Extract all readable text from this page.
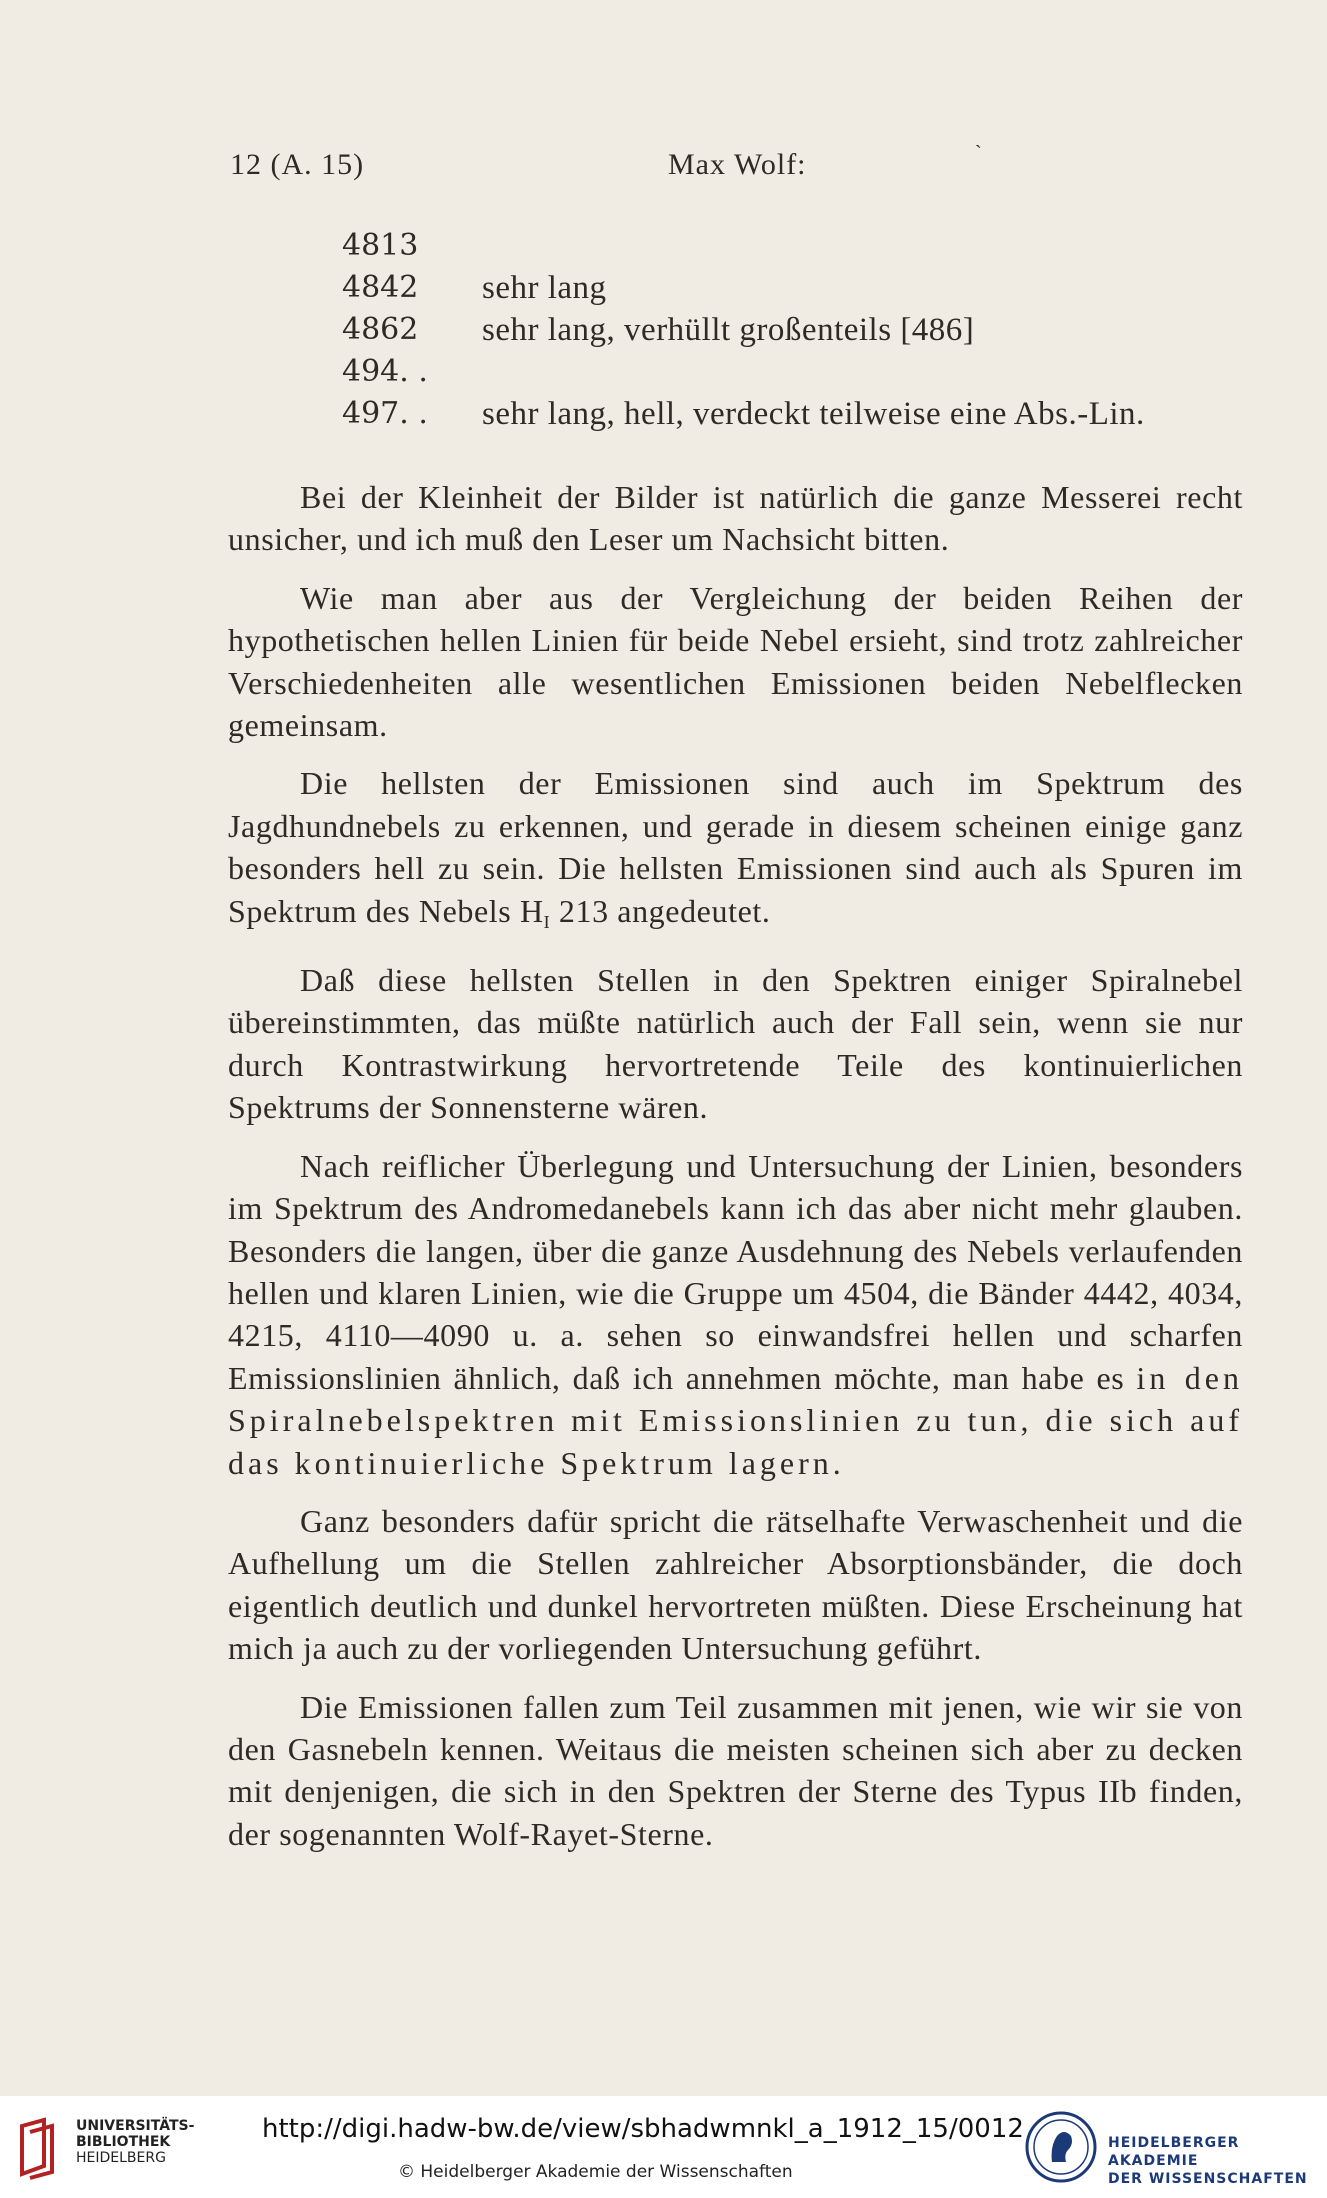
12 (A. 15)	Max Wolf:	ˋ
4813
4842 sehr lang
4862 sehr lang, verhüllt großenteils [486]
494. .
497. . sehr lang, hell, verdeckt teilweise eine Abs.-Lin.

Bei der Kleinheit der Bilder ist natürlich die ganze Messerei recht unsicher, und ich muß den Leser um Nachsicht bitten.

Wie man aber aus der Vergleichung der beiden Reihen der hypothetischen hellen Linien für beide Nebel ersieht, sind trotz zahlreicher Verschiedenheiten alle wesentlichen Emissionen beiden Nebelflecken gemeinsam.

Die hellsten der Emissionen sind auch im Spektrum des Jagdhundnebels zu erkennen, und gerade in diesem scheinen einige ganz besonders hell zu sein. Die hellsten Emissionen sind auch als Spuren im Spektrum des Nebels $H_I$ 213 angedeutet.

Daß diese hellsten Stellen in den Spektren einiger Spiralnebel übereinstimmten, das müßte natürlich auch der Fall sein, wenn sie nur durch Kontrastwirkung hervortretende Teile des kontinuierlichen Spektrums der Sonnensterne wären.

Nach reiflicher Überlegung und Untersuchung der Linien, besonders im Spektrum des Andromedanebels kann ich das aber nicht mehr glauben. Besonders die langen, über die ganze Ausdehnung des Nebels verlaufenden hellen und klaren Linien, wie die Gruppe um 4504, die Bänder 4442, 4034, 4215, 4110—4090 u. a. sehen so einwandsfrei hellen und scharfen Emissionslinien ähnlich, daß ich annehmen möchte, man habe es in den Spiralnebelspektren mit Emissionslinien zu tun, die sich auf das kontinuierliche Spektrum lagern.

Ganz besonders dafür spricht die rätselhafte Verwaschenheit und die Aufhellung um die Stellen zahlreicher Absorptionsbänder, die doch eigentlich deutlich und dunkel hervortreten müßten. Diese Erscheinung hat mich ja auch zu der vorliegenden Untersuchung geführt.

Die Emissionen fallen zum Teil zusammen mit jenen, wie wir sie von den Gasnebeln kennen. Weitaus die meisten scheinen sich aber zu decken mit denjenigen, die sich in den Spektren der Sterne des Typus IIb finden, der sogenannten Wolf-Rayet-Sterne.

UNIVERSITÄTS-
BIBLIOTHEK
HEIDELBERG
http://digi.hadw-bw.de/view/sbhadwmnkl_a_1912_15/0012
© Heidelberger Akademie der Wissenschaften
HEIDELBERGER AKADEMIE
DER WISSENSCHAFTEN
